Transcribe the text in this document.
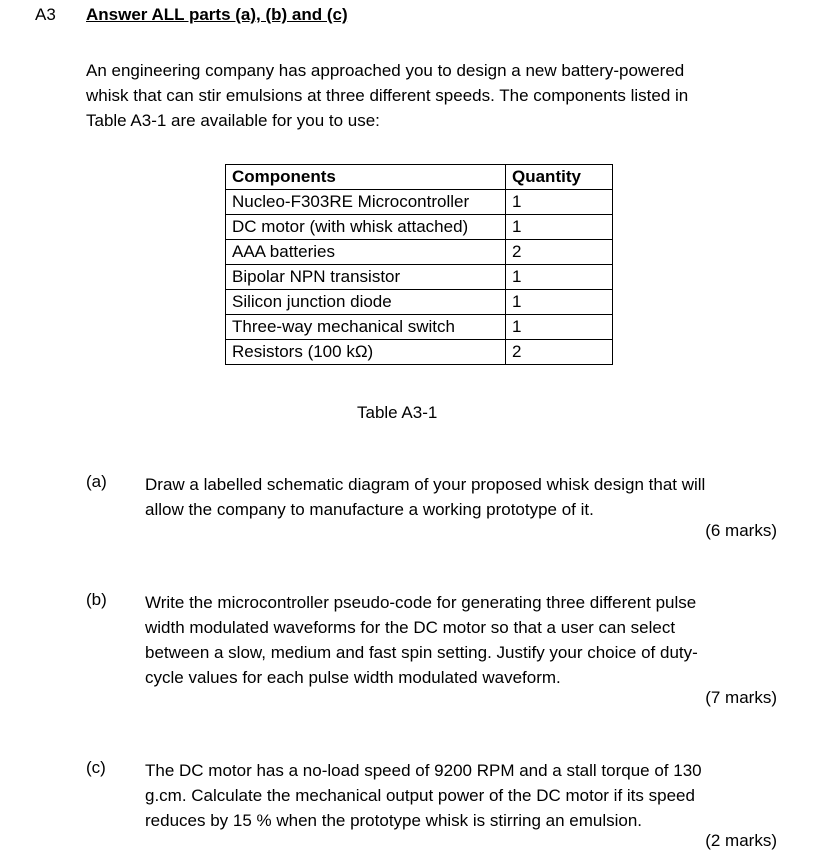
A3 Answer ALL parts (a), (b) and (c)
An engineering company has approached you to design a new battery-powered
whisk that can stir emulsions at three different speeds. The components listed in
Table A3-1 are available for you to use:
Components	Quantity
Nucleo-F303RE Microcontroller	1
DC motor (with whisk attached)	1
AAA batteries	2
Bipolar NPN transistor	1
Silicon junction diode	1
Three-way mechanical switch	1
Resistors (100 kΩ)	2
Table A3-1
(a) Draw a labelled schematic diagram of your proposed whisk design that will
allow the company to manufacture a working prototype of it.
(6 marks)
(b) Write the microcontroller pseudo-code for generating three different pulse
width modulated waveforms for the DC motor so that a user can select
between a slow, medium and fast spin setting. Justify your choice of duty-
cycle values for each pulse width modulated waveform.
(7 marks)
(c) The DC motor has a no-load speed of 9200 RPM and a stall torque of 130
g.cm. Calculate the mechanical output power of the DC motor if its speed
reduces by 15 % when the prototype whisk is stirring an emulsion.
(2 marks)
